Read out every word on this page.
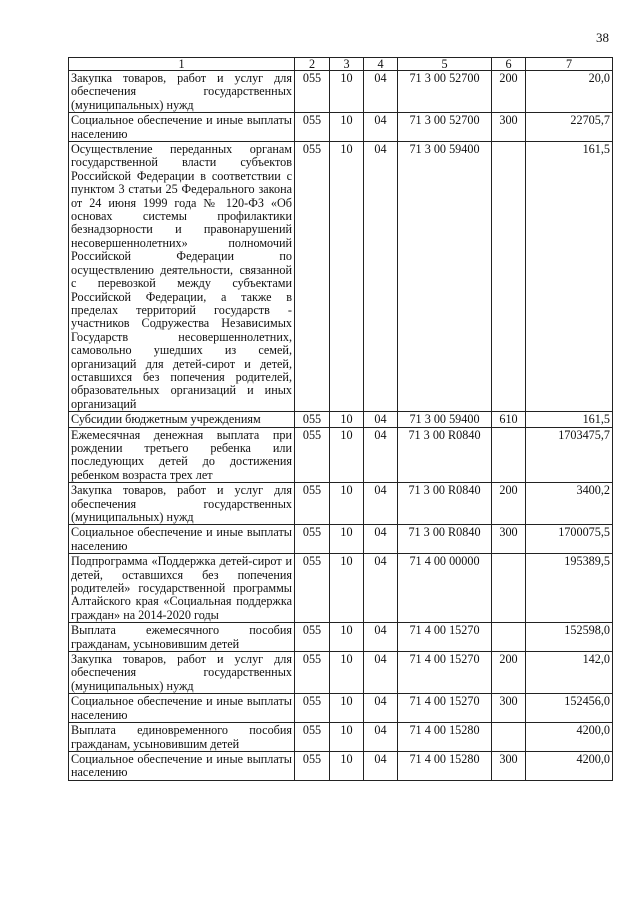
38
1	2	3	4	5	6	7
Закупка товаров, работ и услуг для обеспечения государственных (муниципальных) нужд	055	10	04	71 3 00 52700	200	20,0
Социальное обеспечение и иные выплаты населению	055	10	04	71 3 00 52700	300	22705,7
Осуществление переданных органам государственной власти субъектов Российской Федерации в соответствии с пунктом 3 статьи 25 Федерального закона от 24 июня 1999 года № 120-ФЗ «Об основах системы профилактики безнадзорности и правонарушений несовершеннолетних» полномочий Российской Федерации по осуществлению деятельности, связанной с перевозкой между субъектами Российской Федерации, а также в пределах территорий государств - участников Содружества Независимых Государств несовершеннолетних, самовольно ушедших из семей, организаций для детей-сирот и детей, оставшихся без попечения родителей, образовательных организаций и иных организаций	055	10	04	71 3 00 59400		161,5
Субсидии бюджетным учреждениям	055	10	04	71 3 00 59400	610	161,5
Ежемесячная денежная выплата при рождении третьего ребенка или последующих детей до достижения ребенком возраста трех лет	055	10	04	71 3 00 R0840		1703475,7
Закупка товаров, работ и услуг для обеспечения государственных (муниципальных) нужд	055	10	04	71 3 00 R0840	200	3400,2
Социальное обеспечение и иные выплаты населению	055	10	04	71 3 00 R0840	300	1700075,5
Подпрограмма «Поддержка детей-сирот и детей, оставшихся без попечения родителей» государственной программы Алтайского края «Социальная поддержка граждан» на 2014-2020 годы	055	10	04	71 4 00 00000		195389,5
Выплата ежемесячного пособия гражданам, усыновившим детей	055	10	04	71 4 00 15270		152598,0
Закупка товаров, работ и услуг для обеспечения государственных (муниципальных) нужд	055	10	04	71 4 00 15270	200	142,0
Социальное обеспечение и иные выплаты населению	055	10	04	71 4 00 15270	300	152456,0
Выплата единовременного пособия гражданам, усыновившим детей	055	10	04	71 4 00 15280		4200,0
Социальное обеспечение и иные выплаты населению	055	10	04	71 4 00 15280	300	4200,0
